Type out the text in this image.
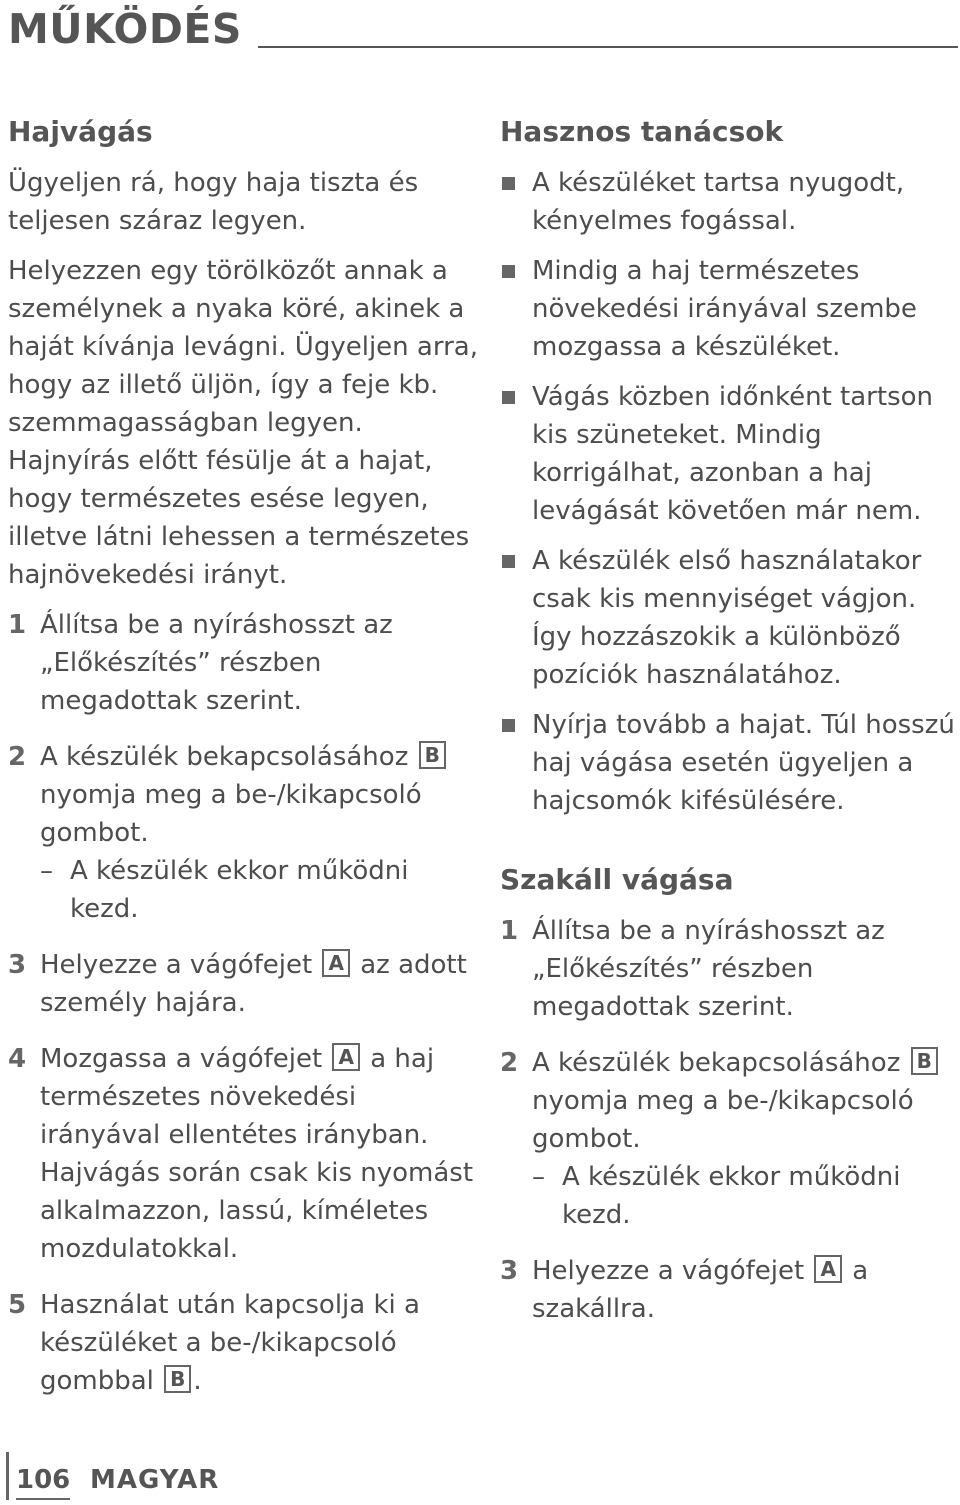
MŰKÖDÉS
Hajvágás

Ügyeljen rá, hogy haja tiszta és teljesen száraz legyen.

Helyezzen egy törölközőt annak a személynek a nyaka köré, akinek a haját kívánja levágni. Ügyeljen arra, hogy az illető üljön, így a feje kb. szemmagasságban legyen. Hajnyírás előtt fésülje át a hajat, hogy természetes esése legyen, illetve látni lehessen a természetes hajnövekedési irányt.

1 Állítsa be a nyíráshosszt az „Előkészítés” részben megadottak szerint.
2 A készülék bekapcsolásához B nyomja meg a be-/kikapcsoló gombot.
– A készülék ekkor működni kezd.
3 Helyezze a vágófejet A az adott személy hajára.
4 Mozgassa a vágófejet A a haj természetes növekedési irányával ellentétes irányban. Hajvágás során csak kis nyomást alkalmazzon, lassú, kíméletes mozdulatokkal.
5 Használat után kapcsolja ki a készüléket a be-/kikapcsoló gombbal B .
Hasznos tanácsok
A készüléket tartsa nyugodt, kényelmes fogással.
Mindig a haj természetes növekedési irányával szembe mozgassa a készüléket.
Vágás közben időnként tartson kis szüneteket. Mindig korrigálhat, azonban a haj levágását követően már nem.
A készülék első használatakor csak kis mennyiséget vágjon. Így hozzászokik a különböző pozíciók használatához.
Nyírja tovább a hajat. Túl hosszú haj vágása esetén ügyeljen a hajcsomók kifésülésére.
Szakáll vágása
1 Állítsa be a nyíráshosszt az „Előkészítés” részben megadottak szerint.
2 A készülék bekapcsolásához B nyomja meg a be-/kikapcsoló gombot.
– A készülék ekkor működni kezd.
3 Helyezze a vágófejet A a szakállra.
106 MAGYAR
